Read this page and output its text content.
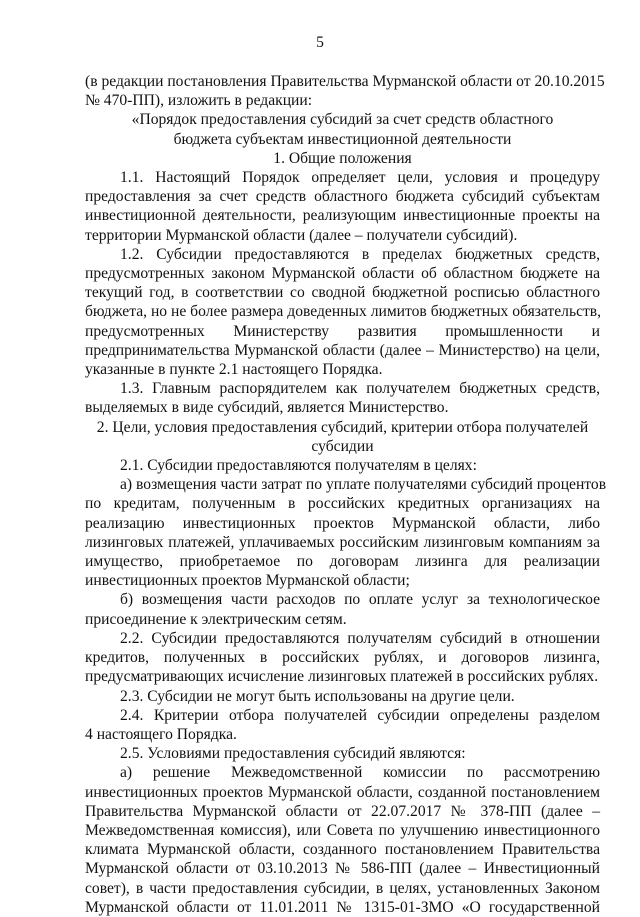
5
(в редакции постановления Правительства Мурманской области от 20.10.2015
№ 470-ПП), изложить в редакции:
«Порядок предоставления субсидий за счет средств областного
бюджета субъектам инвестиционной деятельности
1. Общие положения
1.1. Настоящий Порядок определяет цели, условия и процедуру
предоставления за счет средств областного бюджета субсидий субъектам
инвестиционной деятельности, реализующим инвестиционные проекты на
территории Мурманской области (далее – получатели субсидий).
1.2. Субсидии предоставляются в пределах бюджетных средств,
предусмотренных законом Мурманской области об областном бюджете на
текущий год, в соответствии со сводной бюджетной росписью областного
бюджета, но не более размера доведенных лимитов бюджетных обязательств,
предусмотренных Министерству развития промышленности и
предпринимательства Мурманской области (далее – Министерство) на цели,
указанные в пункте 2.1 настоящего Порядка.
1.3. Главным распорядителем как получателем бюджетных средств,
выделяемых в виде субсидий, является Министерство.
2. Цели, условия предоставления субсидий, критерии отбора получателей
субсидии
2.1. Субсидии предоставляются получателям в целях:
а) возмещения части затрат по уплате получателями субсидий процентов
по кредитам, полученным в российских кредитных организациях на
реализацию инвестиционных проектов Мурманской области, либо
лизинговых платежей, уплачиваемых российским лизинговым компаниям за
имущество, приобретаемое по договорам лизинга для реализации
инвестиционных проектов Мурманской области;
б) возмещения части расходов по оплате услуг за технологическое
присоединение к электрическим сетям.
2.2. Субсидии предоставляются получателям субсидий в отношении
кредитов, полученных в российских рублях, и договоров лизинга,
предусматривающих исчисление лизинговых платежей в российских рублях.
2.3. Субсидии не могут быть использованы на другие цели.
2.4. Критерии отбора получателей субсидии определены разделом
4 настоящего Порядка.
2.5. Условиями предоставления субсидий являются:
а) решение Межведомственной комиссии по рассмотрению
инвестиционных проектов Мурманской области, созданной постановлением
Правительства Мурманской области от 22.07.2017 № 378-ПП (далее –
Межведомственная комиссия), или Совета по улучшению инвестиционного
климата Мурманской области, созданного постановлением Правительства
Мурманской области от 03.10.2013 № 586-ПП (далее – Инвестиционный
совет), в части предоставления субсидии, в целях, установленных Законом
Мурманской области от 11.01.2011 № 1315-01-ЗМО «О государственной
